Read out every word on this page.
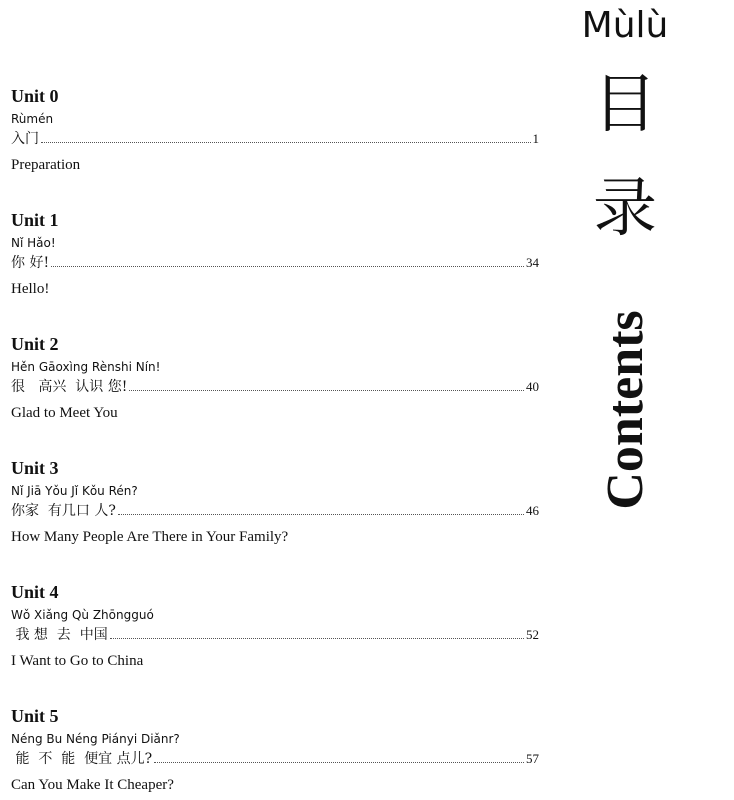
Unit 0
Rùmén
入门	1
Preparation
Unit 1
Nǐ Hǎo!
你 好!	34
Hello!
Unit 2
Hěn Gāoxìng Rènshi Nín!
很   高兴  认识 您!	40
Glad to Meet You
Unit 3
Nǐ Jiā Yǒu Jǐ Kǒu Rén?
你家  有几口 人?	46
How Many People Are There in Your Family?
Unit 4
Wǒ Xiǎng Qù Zhōngguó
我 想  去  中国	52
I Want to Go to China
Unit 5
Néng Bu Néng Piányi Diǎnr?
能  不  能  便宜 点儿?	57
Can You Make It Cheaper?
Mùlù
目
录
Contents
